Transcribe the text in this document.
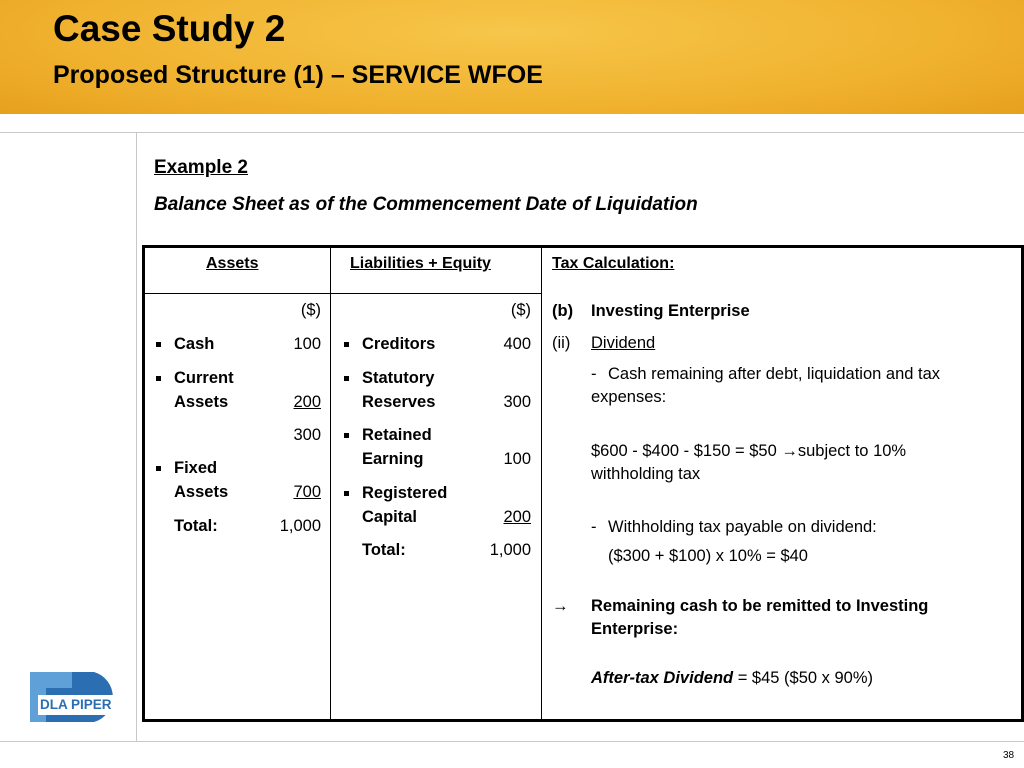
Case Study 2
Proposed Structure (1) – SERVICE WFOE
DLA PIPER
Example 2
Balance Sheet as of the Commencement Date of Liquidation
Assets	Liabilities + Equity	Tax Calculation:
($)
Cash	100
Current
Assets	200
300
Fixed
Assets	700
Total:	1,000
($)
Creditors	400
Statutory
Reserves	300
Retained
Earning	100
Registered
Capital	200
Total:	1,000
(b) Investing Enterprise
(ii) Dividend
- Cash remaining after debt, liquidation and tax
expenses:
$600 - $400 - $150 = $50 →subject to 10%
withholding tax
- Withholding tax payable on dividend:
($300 + $100) x 10% = $40
→ Remaining cash to be remitted to Investing
Enterprise:
After-tax Dividend = $45 ($50 x 90%)
38
